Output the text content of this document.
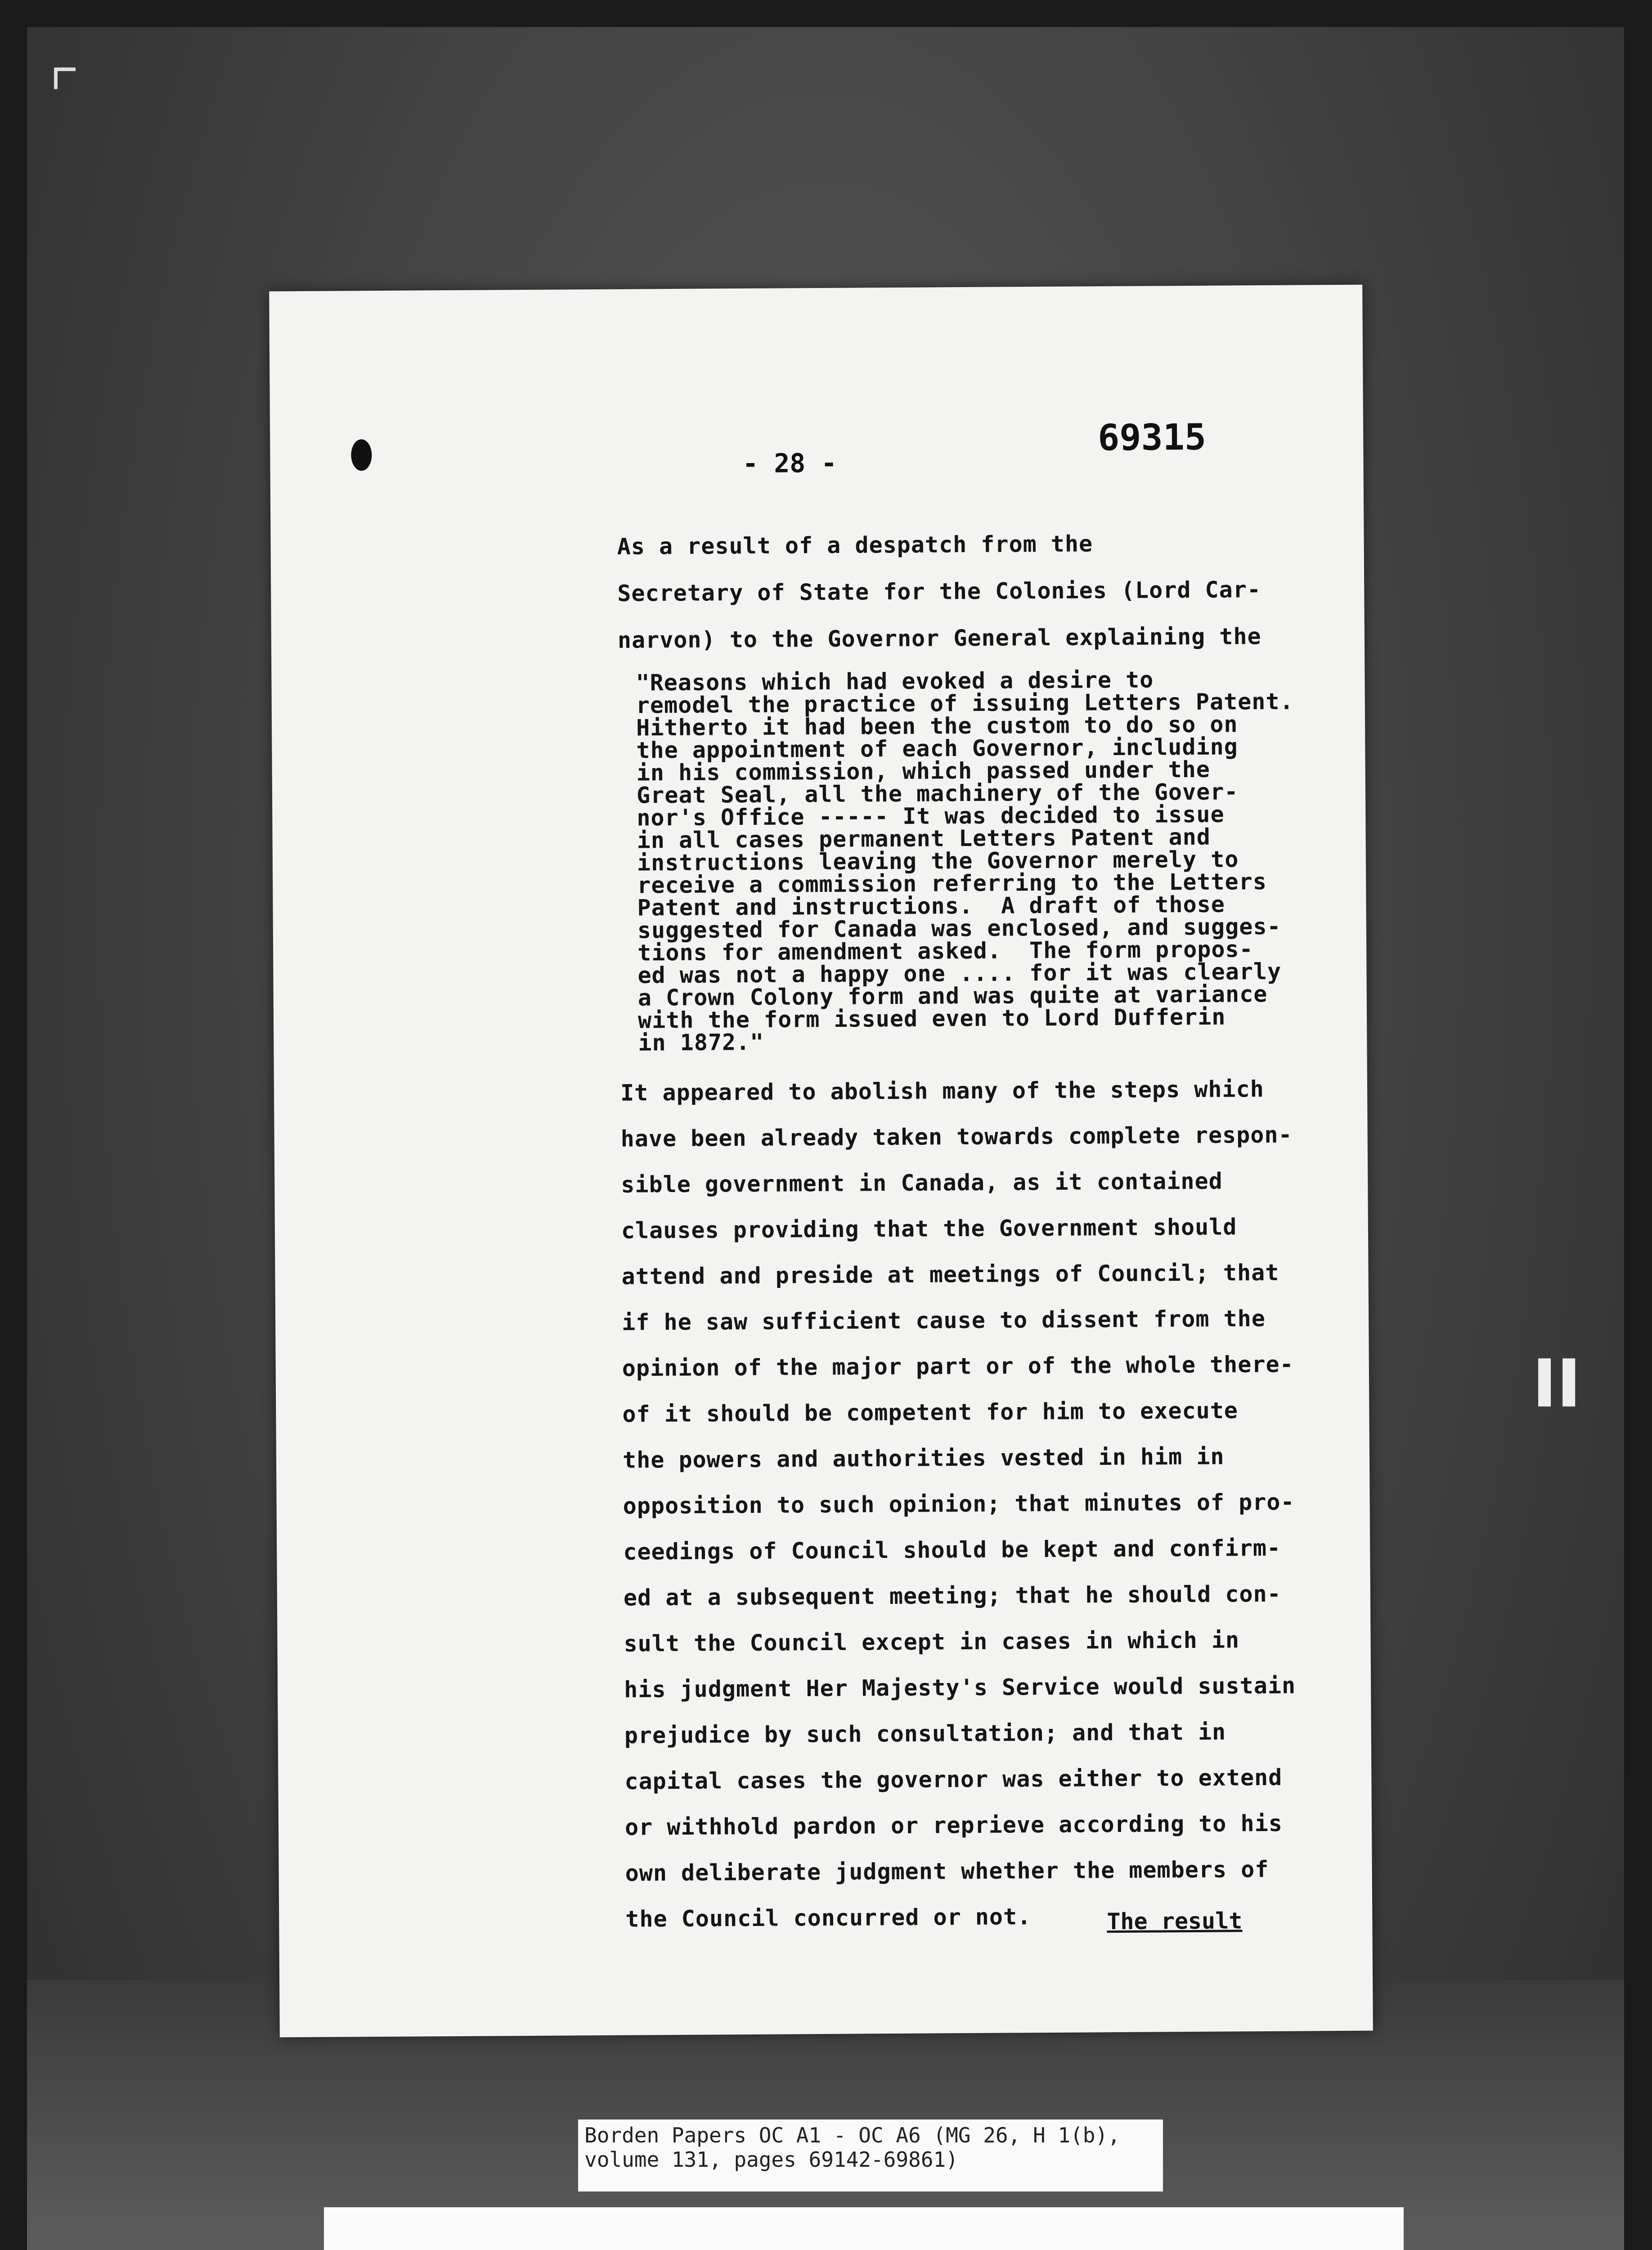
▌▌
- 28 -
69315
As a result of a despatch from the
Secretary of State for the Colonies (Lord Car-
narvon) to the Governor General explaining the
"Reasons which had evoked a desire to
remodel the practice of issuing Letters Patent.
Hitherto it had been the custom to do so on
the appointment of each Governor, including
in his commission, which passed under the
Great Seal, all the machinery of the Gover-
nor's Office ----- It was decided to issue
in all cases permanent Letters Patent and
instructions leaving the Governor merely to
receive a commission referring to the Letters
Patent and instructions.  A draft of those
suggested for Canada was enclosed, and sugges-
tions for amendment asked.  The form propos-
ed was not a happy one .... for it was clearly
a Crown Colony form and was quite at variance
with the form issued even to Lord Dufferin
in 1872."
It appeared to abolish many of the steps which
have been already taken towards complete respon-
sible government in Canada, as it contained
clauses providing that the Government should
attend and preside at meetings of Council; that
if he saw sufficient cause to dissent from the
opinion of the major part or of the whole there-
of it should be competent for him to execute
the powers and authorities vested in him in
opposition to such opinion; that minutes of pro-
ceedings of Council should be kept and confirm-
ed at a subsequent meeting; that he should con-
sult the Council except in cases in which in
his judgment Her Majesty's Service would sustain
prejudice by such consultation; and that in
capital cases the governor was either to extend
or withhold pardon or reprieve according to his
own deliberate judgment whether the members of
the Council concurred or not.	The result
Borden Papers OC A1 - OC A6 (MG 26, H 1(b),
volume 131, pages 69142-69861)
